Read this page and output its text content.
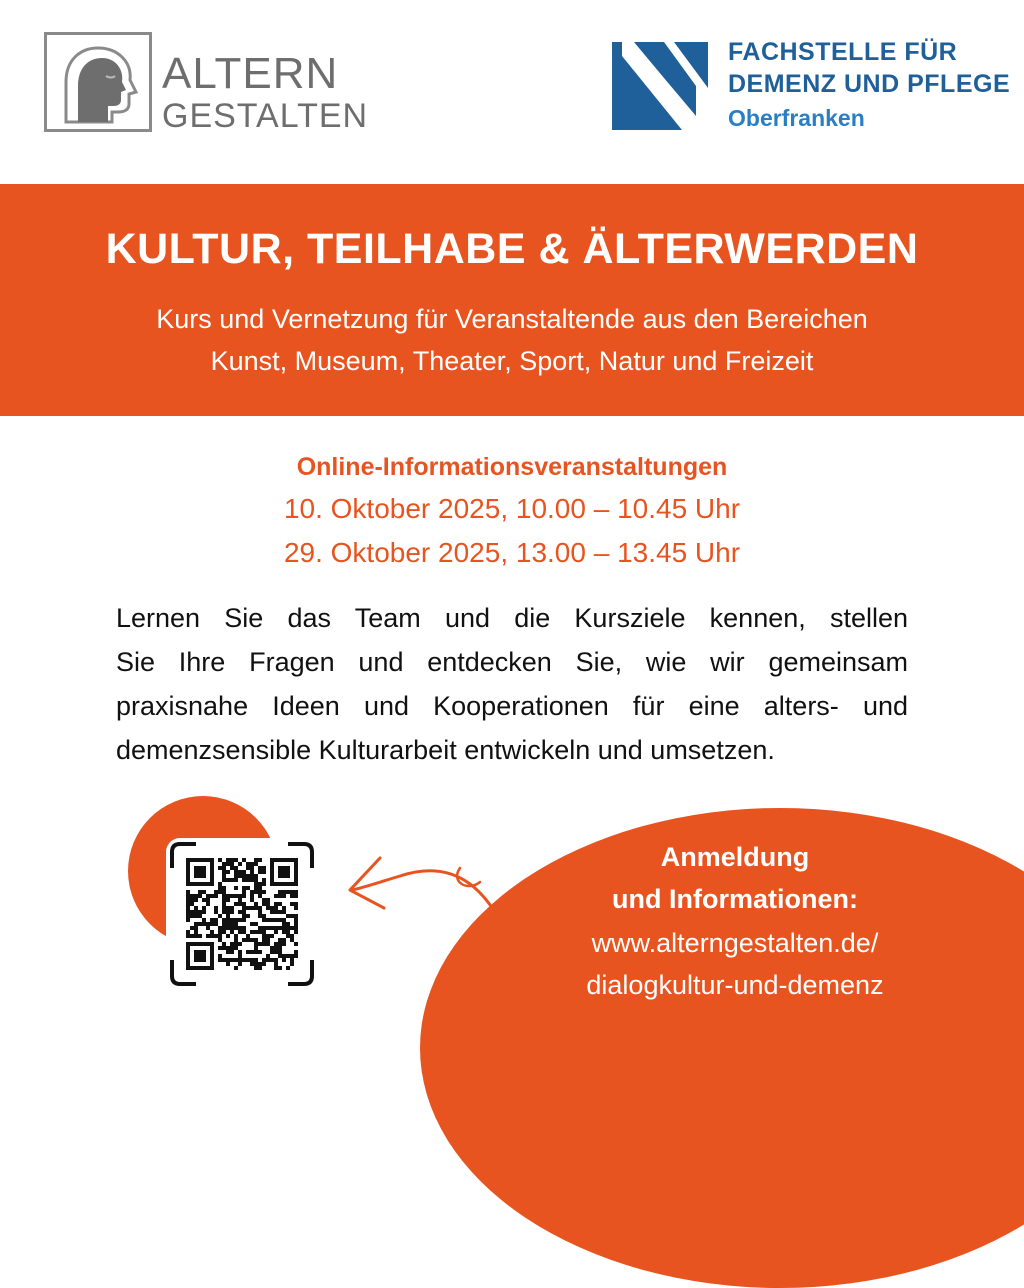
ALTERN
GESTALTEN
FACHSTELLE FÜR
DEMENZ UND PFLEGE
Oberfranken
KULTUR, TEILHABE & ÄLTERWERDEN
Kurs und Vernetzung für Veranstaltende aus den Bereichen
Kunst, Museum, Theater, Sport, Natur und Freizeit
Online-Informationsveranstaltungen
10. Oktober 2025, 10.00 – 10.45 Uhr
29. Oktober 2025, 13.00 – 13.45 Uhr
Lernen Sie das Team und die Kursziele kennen, stellen
Sie Ihre Fragen und entdecken Sie, wie wir gemeinsam
praxisnahe Ideen und Kooperationen für eine alters- und
demenzsensible Kulturarbeit entwickeln und umsetzen.
Anmeldung
und Informationen:
www.alterngestalten.de/
dialogkultur-und-demenz
